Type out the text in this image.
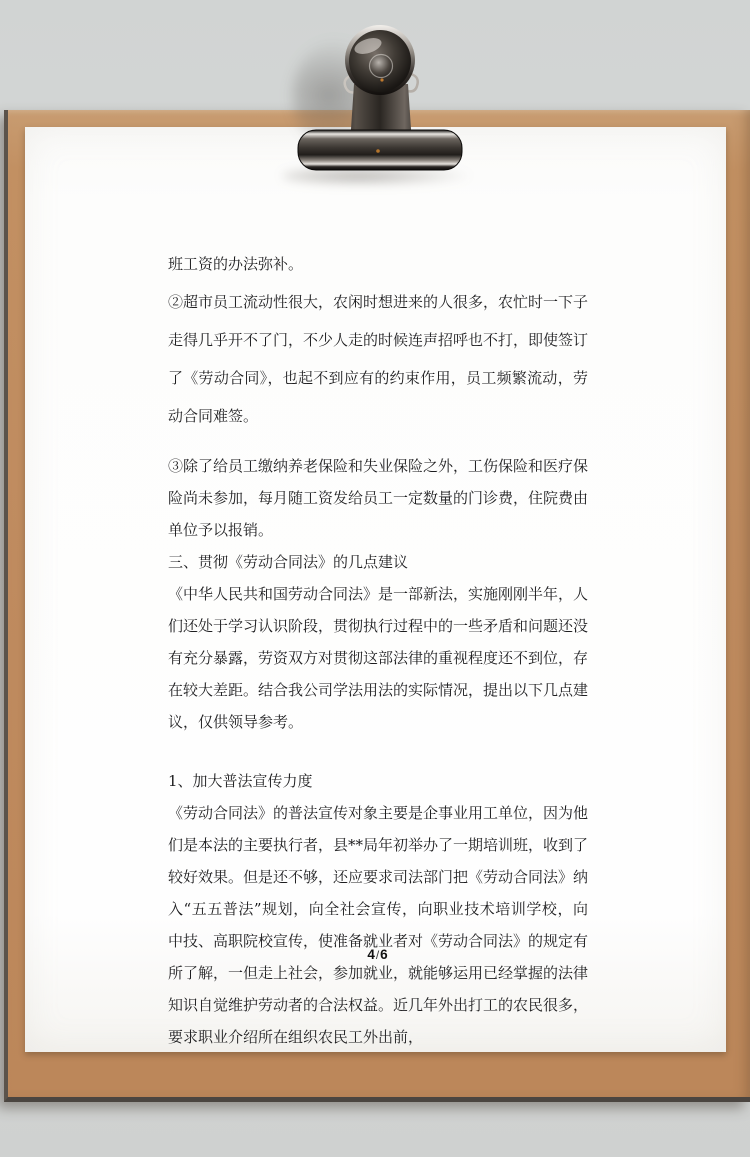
班工资的办法弥补。

②超市员工流动性很大，农闲时想进来的人很多，农忙时一下子走得几乎开不了门，不少人走的时候连声招呼也不打，即使签订了《劳动合同》，也起不到应有的约束作用，员工频繁流动，劳动合同难签。

③除了给员工缴纳养老保险和失业保险之外，工伤保险和医疗保险尚未参加，每月随工资发给员工一定数量的门诊费，住院费由单位予以报销。

三、贯彻《劳动合同法》的几点建议

《中华人民共和国劳动合同法》是一部新法，实施刚刚半年，人们还处于学习认识阶段，贯彻执行过程中的一些矛盾和问题还没有充分暴露，劳资双方对贯彻这部法律的重视程度还不到位，存在较大差距。结合我公司学法用法的实际情况，提出以下几点建议，仅供领导参考。

1、加大普法宣传力度

《劳动合同法》的普法宣传对象主要是企事业用工单位，因为他们是本法的主要执行者，县**局年初举办了一期培训班，收到了较好效果。但是还不够，还应要求司法部门把《劳动合同法》纳入“五五普法”规划，向全社会宣传，向职业技术培训学校，向中技、高职院校宣传，使准备就业者对《劳动合同法》的规定有所了解，一但走上社会，参加就业，就能够运用已经掌握的法律知识自觉维护劳动者的合法权益。近几年外出打工的农民很多，要求职业介绍所在组织农民工外出前，

4/6
